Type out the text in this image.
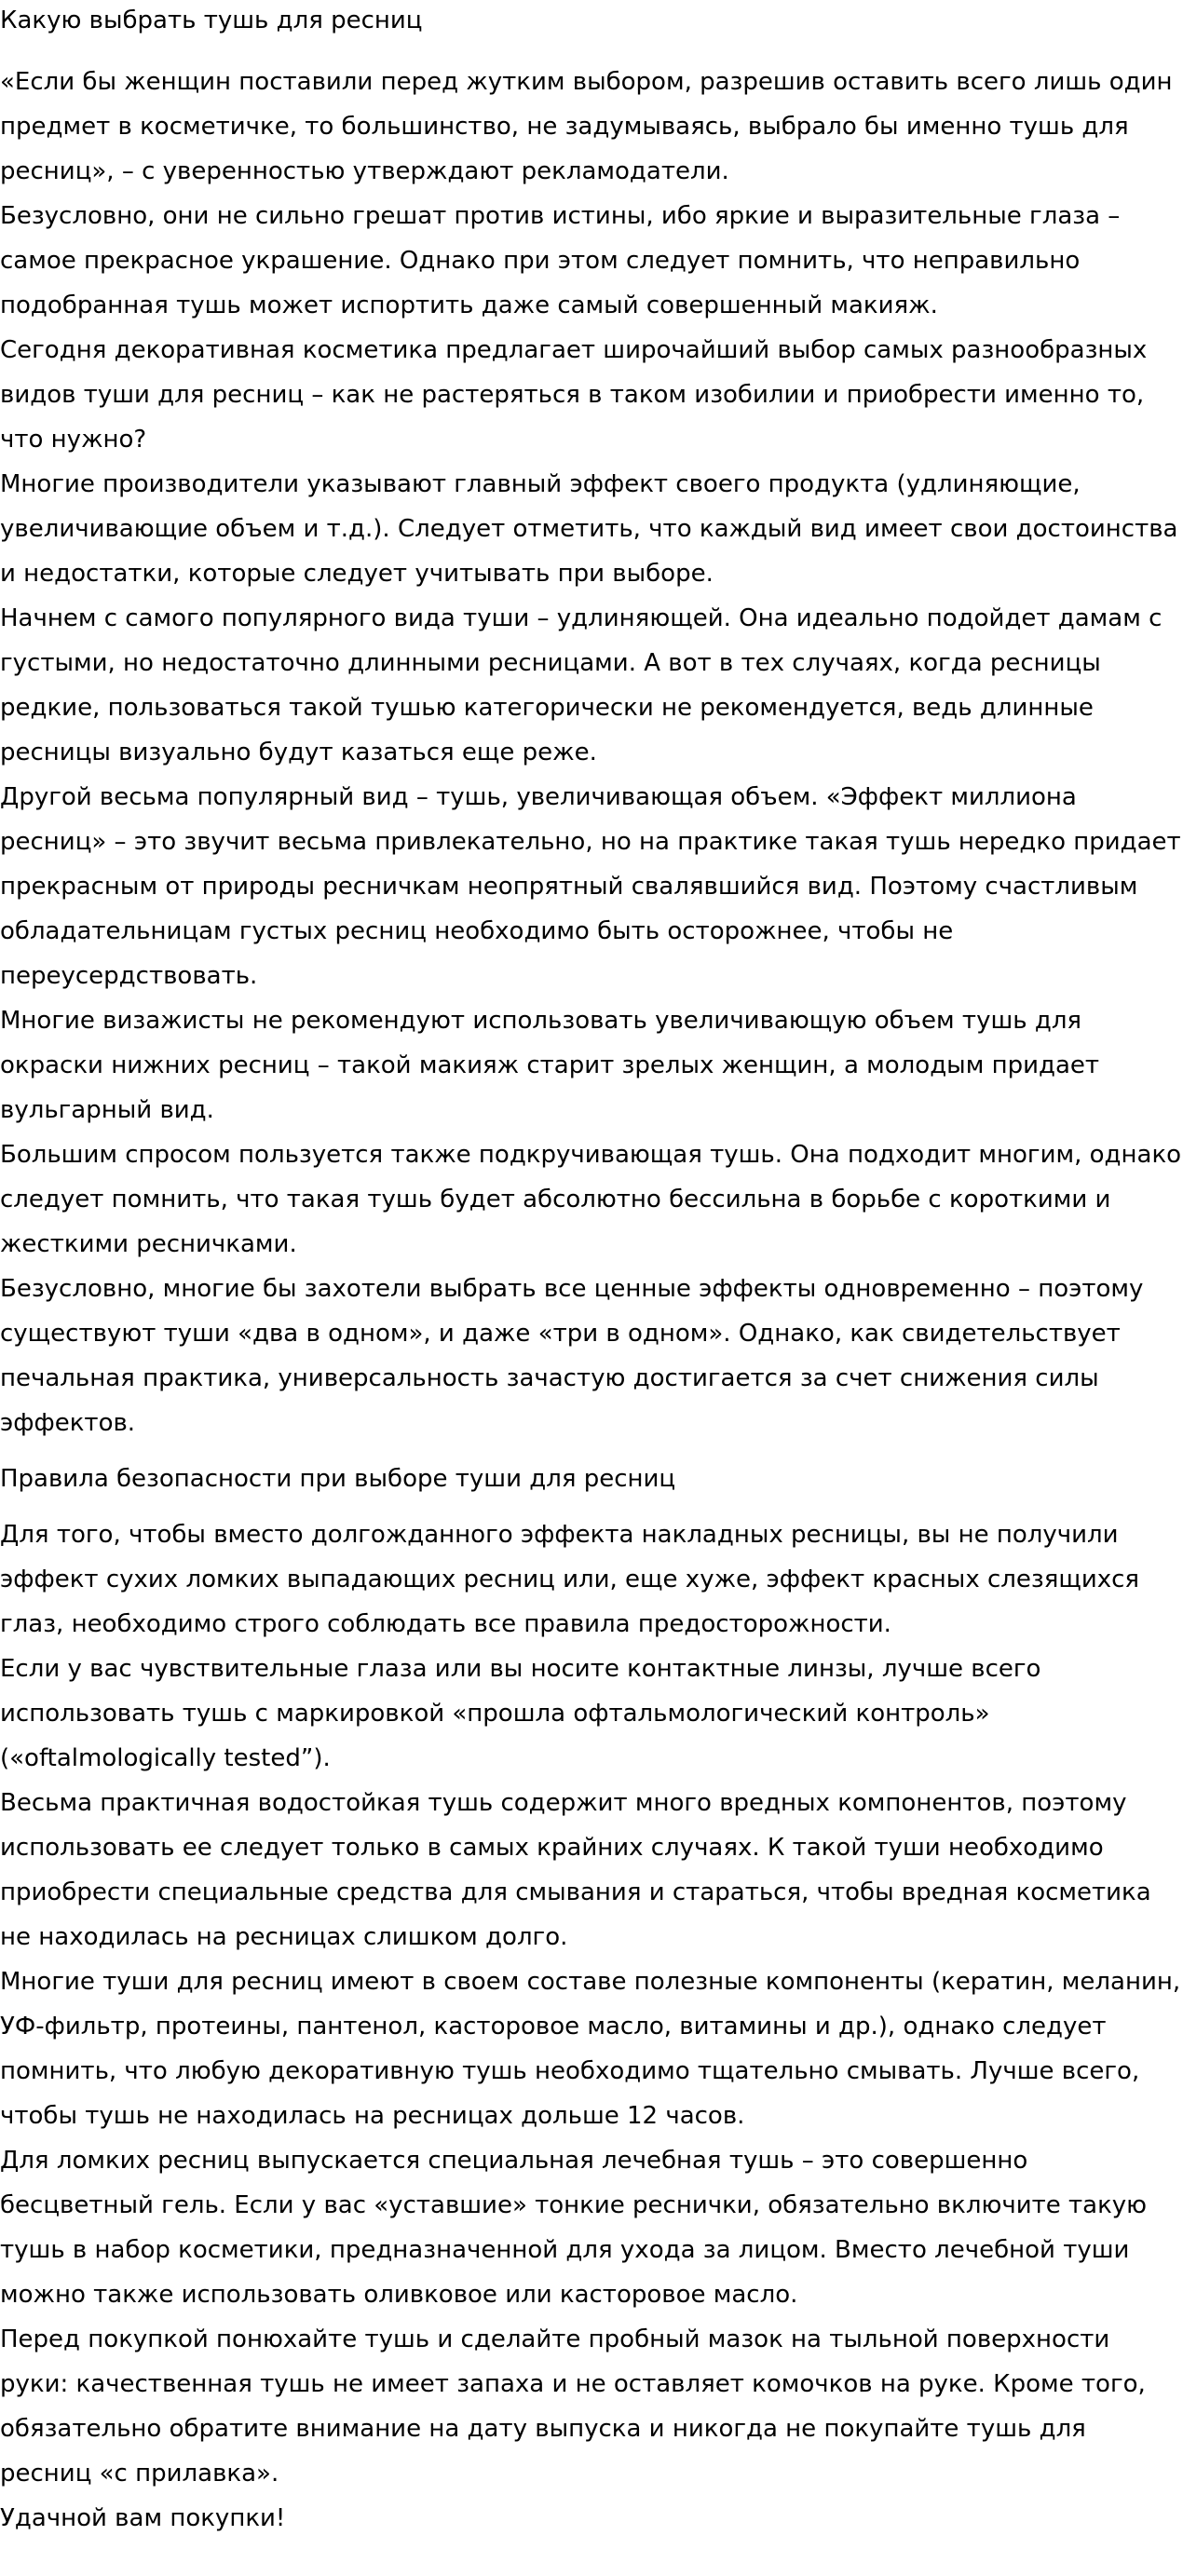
Какую выбрать тушь для ресниц

«Если бы женщин поставили перед жутким выбором, разрешив оставить всего лишь один предмет в косметичке, то большинство, не задумываясь, выбрало бы именно тушь для ресниц», – с уверенностью утверждают рекламодатели.

Безусловно, они не сильно грешат против истины, ибо яркие и выразительные глаза – самое прекрасное украшение. Однако при этом следует помнить, что неправильно подобранная тушь может испортить даже самый совершенный макияж.

Сегодня декоративная косметика предлагает широчайший выбор самых разнообразных видов туши для ресниц – как не растеряться в таком изобилии и приобрести именно то, что нужно?

Многие производители указывают главный эффект своего продукта (удлиняющие, увеличивающие объем и т.д.). Следует отметить, что каждый вид имеет свои достоинства и недостатки, которые следует учитывать при выборе.

Начнем с самого популярного вида туши – удлиняющей. Она идеально подойдет дамам с густыми, но недостаточно длинными ресницами. А вот в тех случаях, когда ресницы редкие, пользоваться такой тушью категорически не рекомендуется, ведь длинные ресницы визуально будут казаться еще реже.

Другой весьма популярный вид – тушь, увеличивающая объем. «Эффект миллиона ресниц» – это звучит весьма привлекательно, но на практике такая тушь нередко придает прекрасным от природы ресничкам неопрятный свалявшийся вид. Поэтому счастливым обладательницам густых ресниц необходимо быть осторожнее, чтобы не переусердствовать.

Многие визажисты не рекомендуют использовать увеличивающую объем тушь для окраски нижних ресниц – такой макияж старит зрелых женщин, а молодым придает вульгарный вид.

Большим спросом пользуется также подкручивающая тушь. Она подходит многим, однако следует помнить, что такая тушь будет абсолютно бессильна в борьбе с короткими и жесткими ресничками.

Безусловно, многие бы захотели выбрать все ценные эффекты одновременно – поэтому существуют туши «два в одном», и даже «три в одном». Однако, как свидетельствует печальная практика, универсальность зачастую достигается за счет снижения силы эффектов.

Правила безопасности при выборе туши для ресниц

Для того, чтобы вместо долгожданного эффекта накладных ресницы, вы не получили эффект сухих ломких выпадающих ресниц или, еще хуже, эффект красных слезящихся глаз, необходимо строго соблюдать все правила предосторожности.

Если у вас чувствительные глаза или вы носите контактные линзы, лучше всего использовать тушь с маркировкой «прошла офтальмологический контроль» («oftalmologically tested”).

Весьма практичная водостойкая тушь содержит много вредных компонентов, поэтому использовать ее следует только в самых крайних случаях. К такой туши необходимо приобрести специальные средства для смывания и стараться, чтобы вредная косметика не находилась на ресницах слишком долго.

Многие туши для ресниц имеют в своем составе полезные компоненты (кератин, меланин, УФ-фильтр, протеины, пантенол, касторовое масло, витамины и др.), однако следует помнить, что любую декоративную тушь необходимо тщательно смывать. Лучше всего, чтобы тушь не находилась на ресницах дольше 12 часов.

Для ломких ресниц выпускается специальная лечебная тушь – это совершенно бесцветный гель. Если у вас «уставшие» тонкие реснички, обязательно включите такую тушь в набор косметики, предназначенной для ухода за лицом. Вместо лечебной туши можно также использовать оливковое или касторовое масло.

Перед покупкой понюхайте тушь и сделайте пробный мазок на тыльной поверхности руки: качественная тушь не имеет запаха и не оставляет комочков на руке. Кроме того, обязательно обратите внимание на дату выпуска и никогда не покупайте тушь для ресниц «с прилавка».

Удачной вам покупки!
